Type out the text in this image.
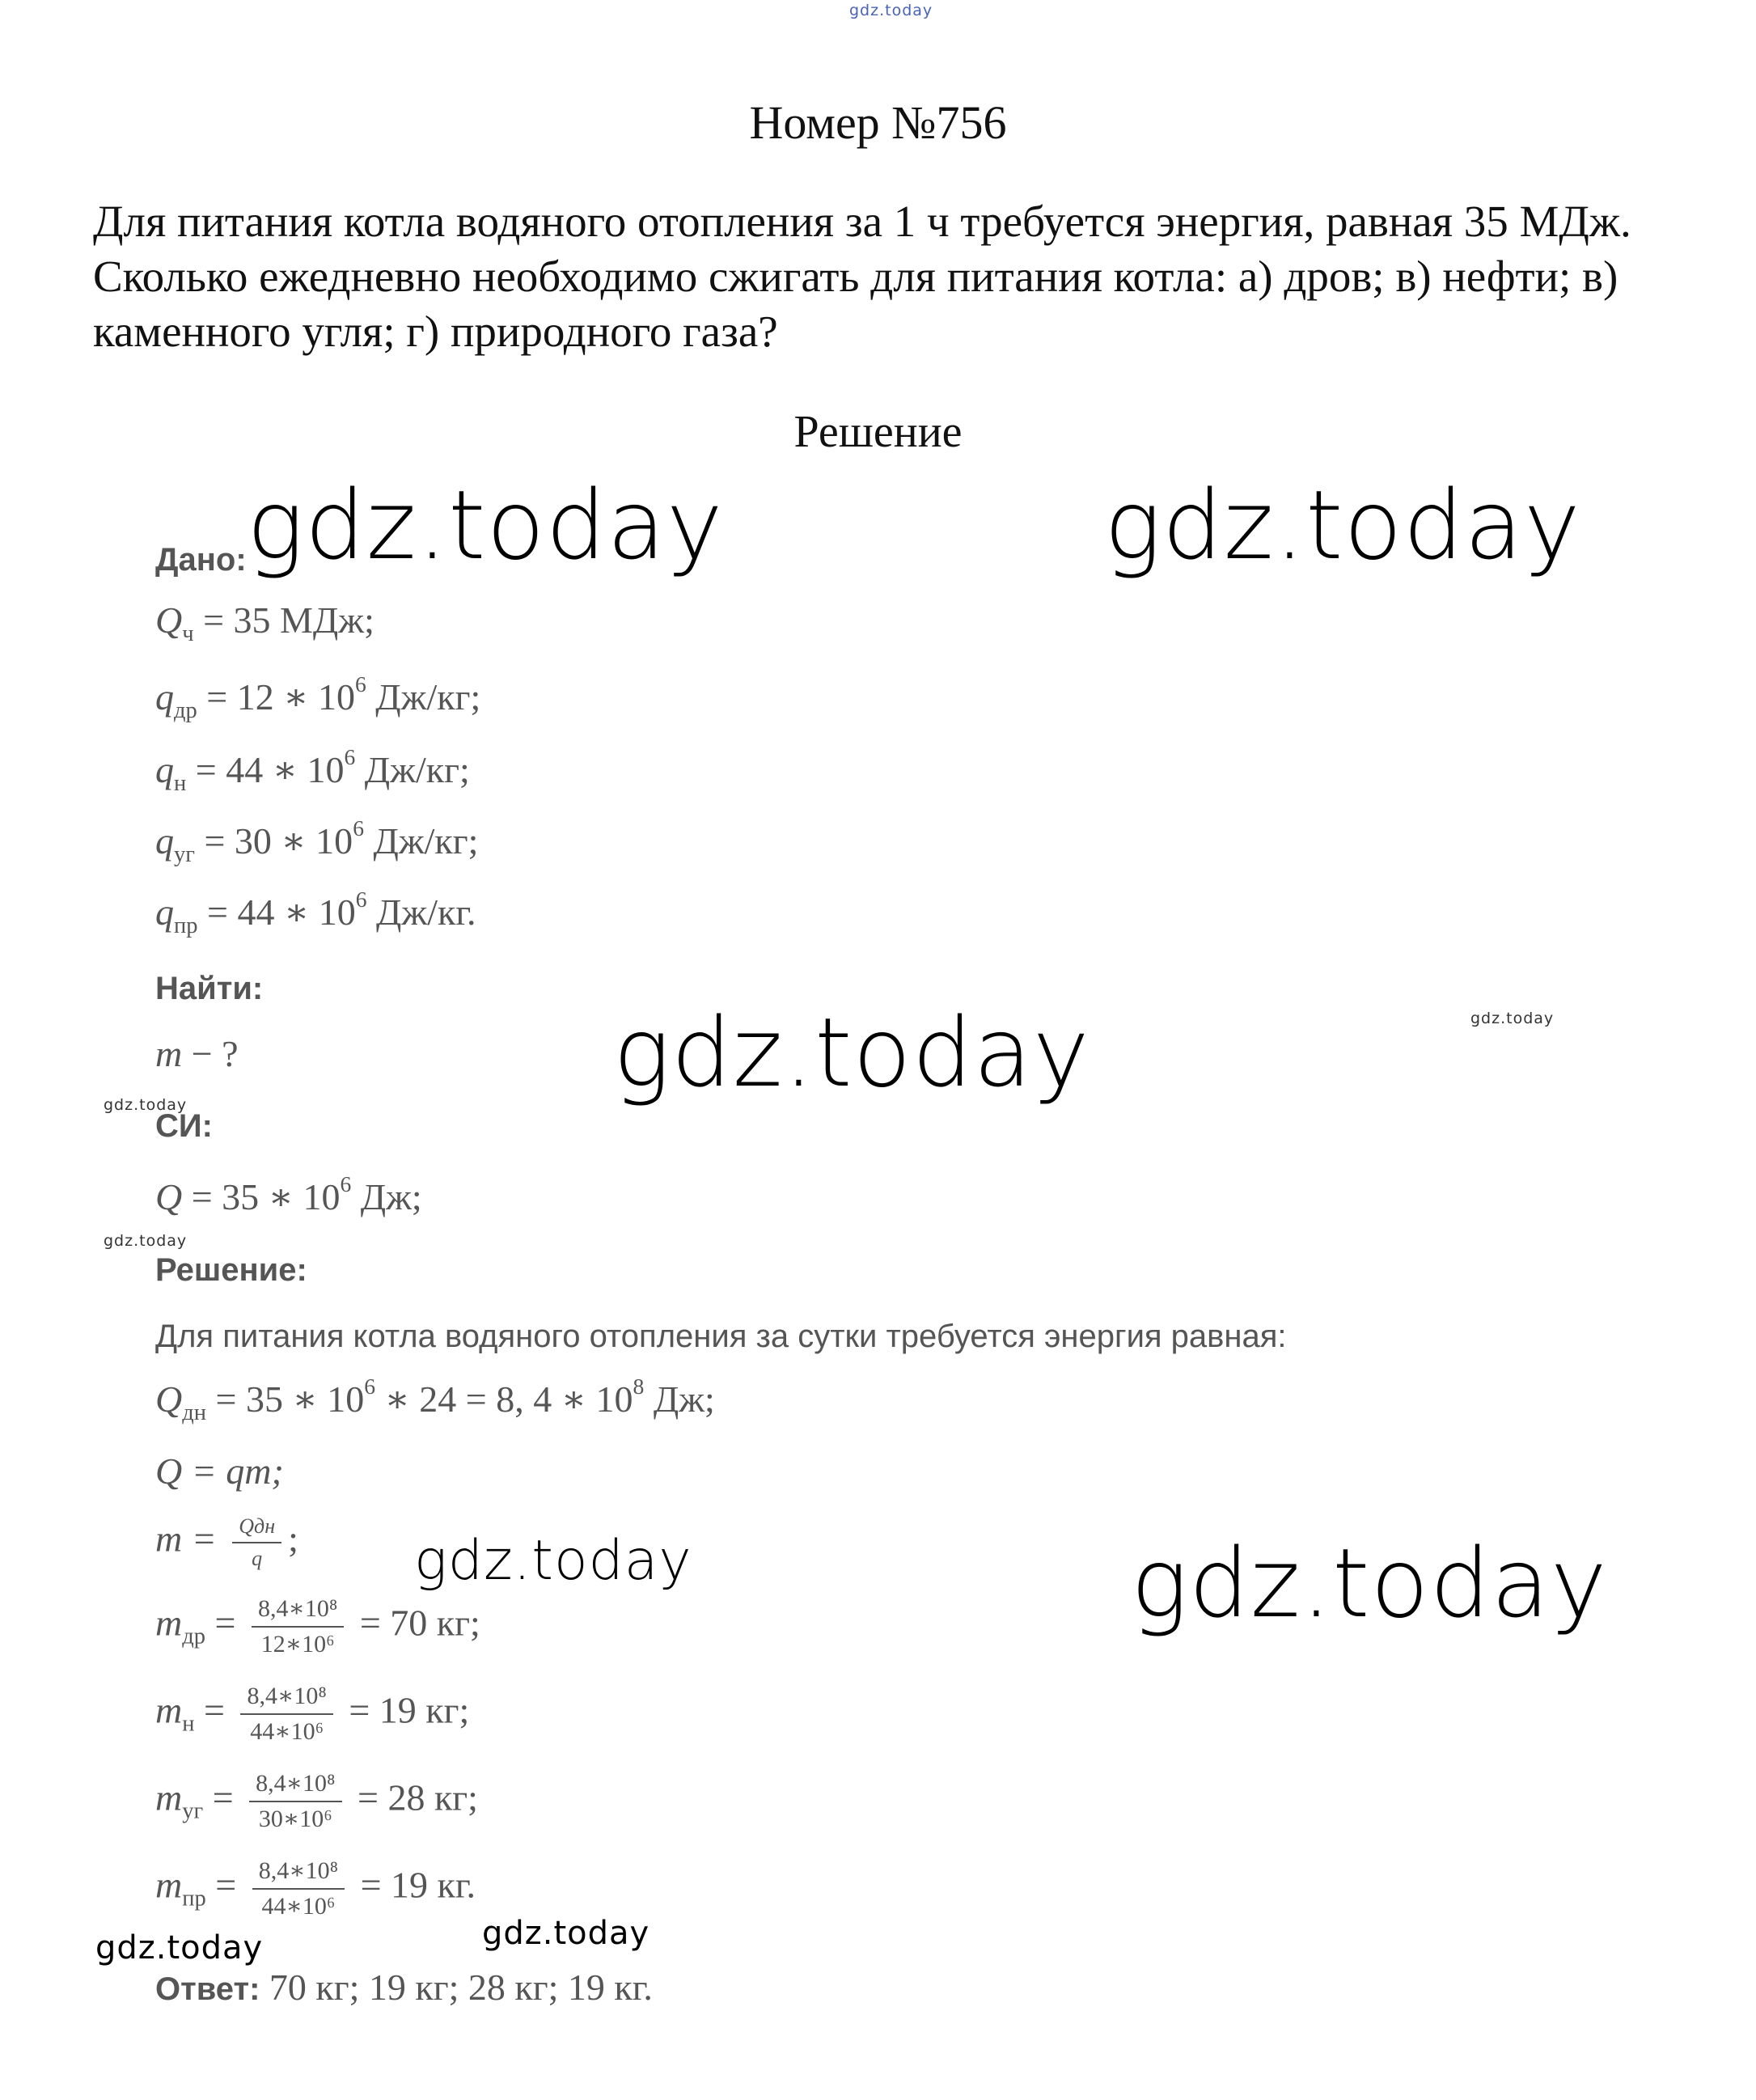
gdz.today
Номер №756
Для питания котла водяного отопления за 1 ч требуется энергия, равная 35 МДж. Сколько ежедневно необходимо сжигать для питания котла: а) дров; в) нефти; в) каменного угля; г) природного газа?
Решение
gdz.today	gdz.today
gdz.today	gdz.today
gdz.today
gdz.today
gdz.today	gdz.today
gdz.today	gdz.today
Дано:
$Q_ч = 35$ МДж;
$q_{др} = 12$ ∗ $10^6$ Дж/кг;
$q_н = 44$ ∗ $10^6$ Дж/кг;
$q_{уг} = 30$ ∗ $10^6$ Дж/кг;
$q_{пр} = 44$ ∗ $10^6$ Дж/кг.
Найти:
m − ?
СИ:
Q = 35 ∗ $10^6$ Дж;
Решение:
Для питания котла водяного отопления за сутки требуется энергия равная:
$Q_{дн} = 35$ ∗ $10^6$ ∗ 24 = 8, 4 ∗ $10^8$ Дж;
Q = qm;
$m = \frac{\text{Qдн}}{q}$ ;
$m_{др} = \frac{\text{8,4∗10⁸}}{\text{12∗10⁶}} = 70$ кг;
$m_н = \frac{\text{8,4∗10⁸}}{\text{44∗10⁶}} = 19$ кг;
$m_{уг} = \frac{\text{8,4∗10⁸}}{\text{30∗10⁶}} = 28$ кг;
$m_{пр} = \frac{\text{8,4∗10⁸}}{\text{44∗10⁶}} = 19$ кг.
Ответ: 70 кг; 19 кг; 28 кг; 19 кг.
